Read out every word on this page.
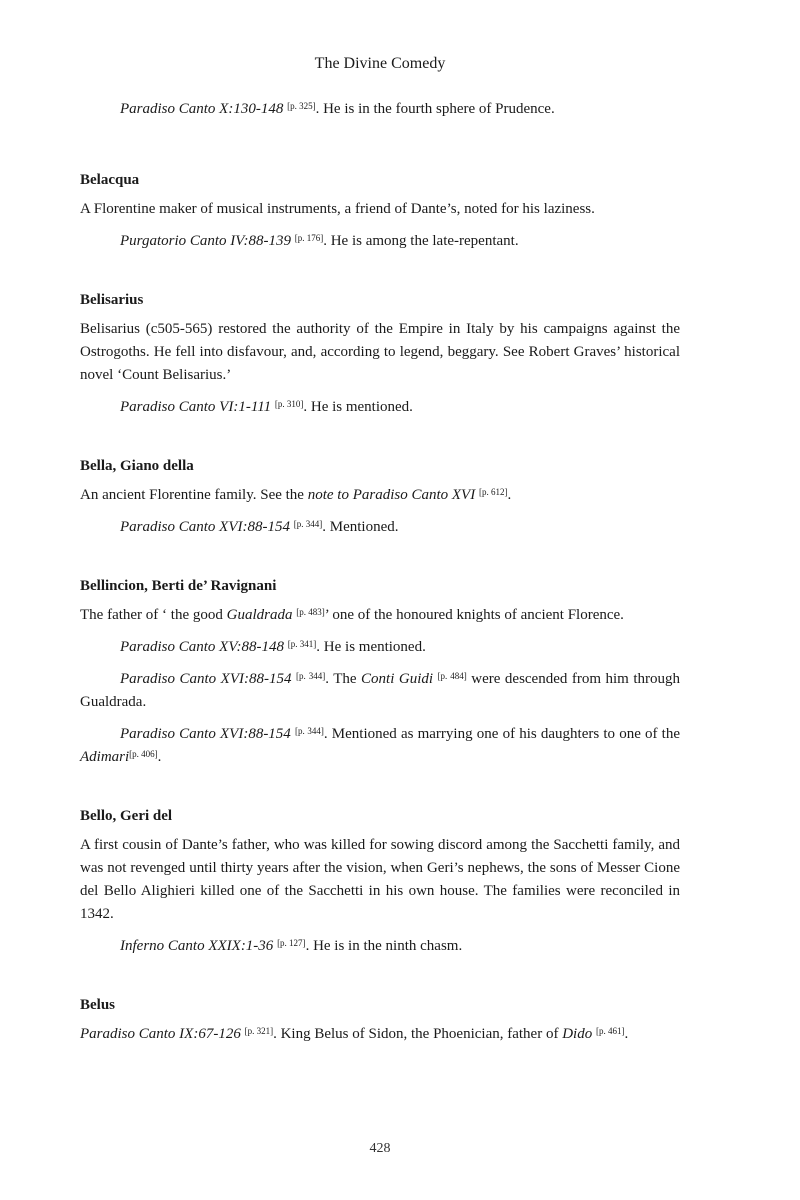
The Divine Comedy

Paradiso Canto X:130-148 [p. 325]. He is in the fourth sphere of Prudence.

Belacqua

A Florentine maker of musical instruments, a friend of Dante’s, noted for his laziness.

Purgatorio Canto IV:88-139 [p. 176]. He is among the late-repentant.

Belisarius

Belisarius (c505-565) restored the authority of the Empire in Italy by his campaigns against the Ostrogoths. He fell into disfavour, and, according to legend, beggary. See Robert Graves’ historical novel ‘Count Belisarius.’

Paradiso Canto VI:1-111 [p. 310]. He is mentioned.

Bella, Giano della

An ancient Florentine family. See the note to Paradiso Canto XVI [p. 612].

Paradiso Canto XVI:88-154 [p. 344]. Mentioned.

Bellincion, Berti de’ Ravignani

The father of ‘ the good Gualdrada [p. 483]’ one of the honoured knights of ancient Florence.

Paradiso Canto XV:88-148 [p. 341]. He is mentioned.

Paradiso Canto XVI:88-154 [p. 344]. The Conti Guidi [p. 484] were descended from him through Gualdrada.

Paradiso Canto XVI:88-154 [p. 344]. Mentioned as marrying one of his daughters to one of the Adimari[p. 406].

Bello, Geri del

A first cousin of Dante’s father, who was killed for sowing discord among the Sacchetti family, and was not revenged until thirty years after the vision, when Geri’s nephews, the sons of Messer Cione del Bello Alighieri killed one of the Sacchetti in his own house. The families were reconciled in 1342.

Inferno Canto XXIX:1-36 [p. 127]. He is in the ninth chasm.

Belus

Paradiso Canto IX:67-126 [p. 321]. King Belus of Sidon, the Phoenician, father of Dido [p. 461].

428
